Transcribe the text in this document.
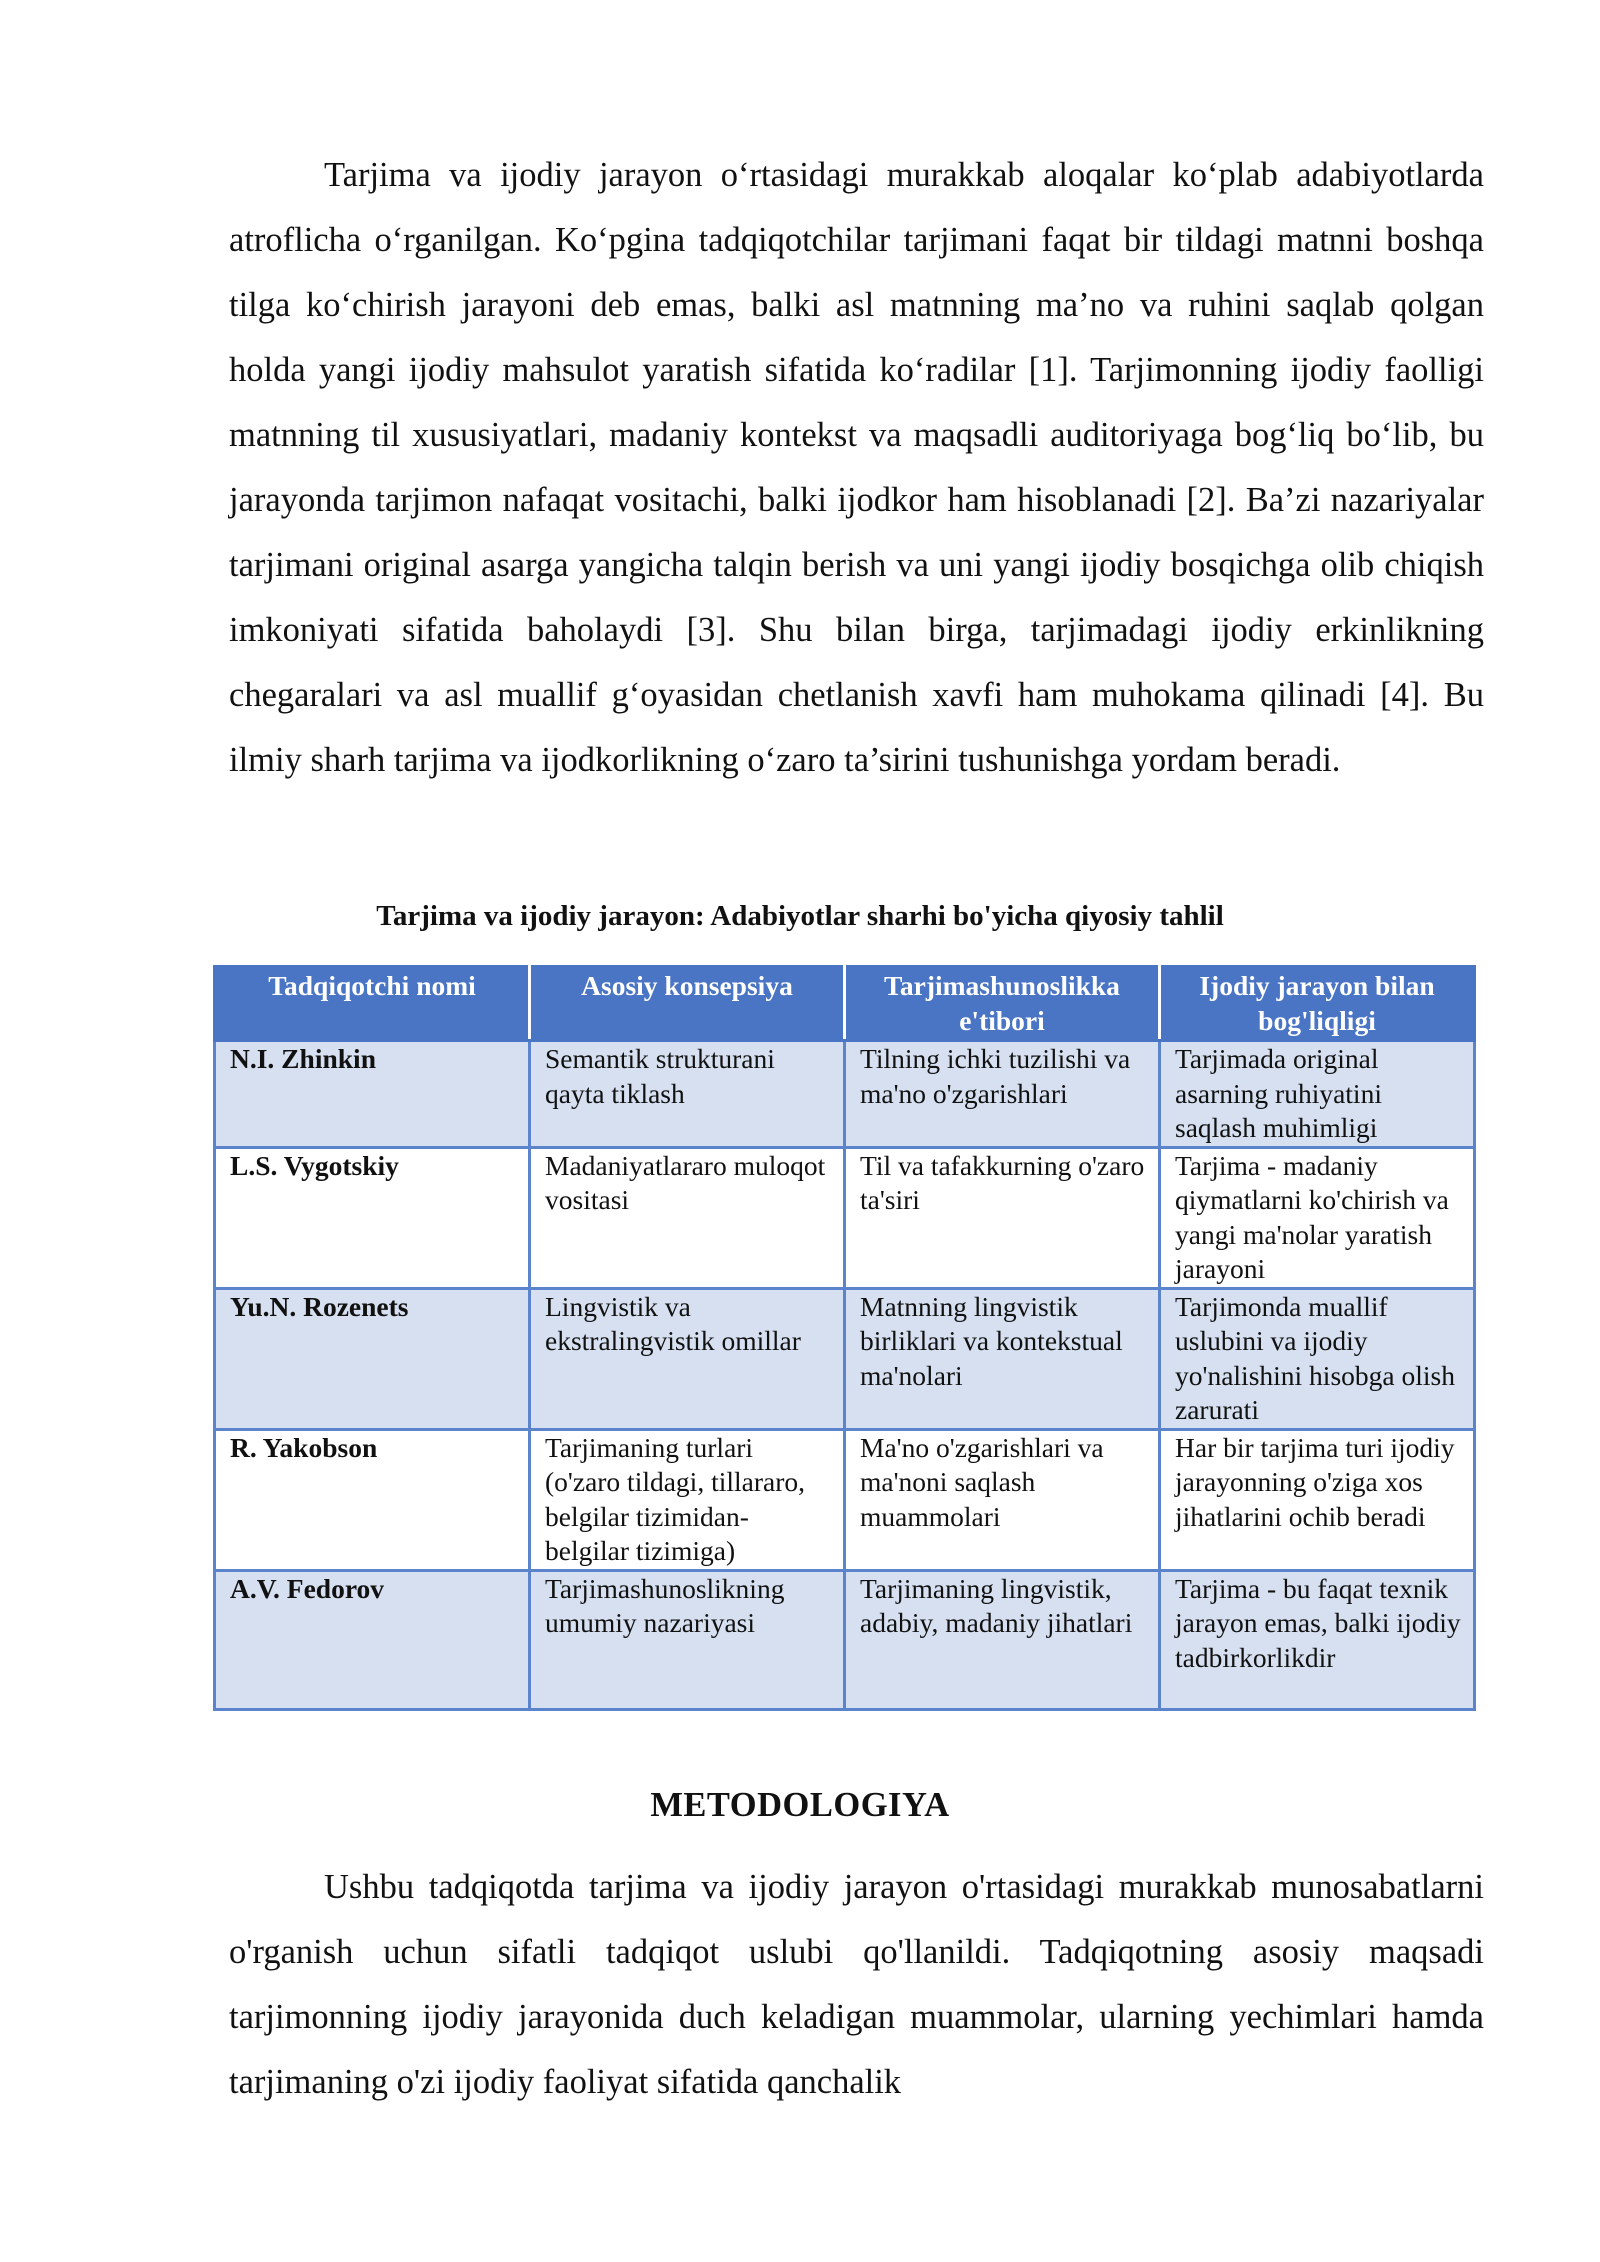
Tarjima va ijodiy jarayon o‘rtasidagi murakkab aloqalar ko‘plab adabiyotlarda atroflicha o‘rganilgan. Ko‘pgina tadqiqotchilar tarjimani faqat bir tildagi matnni boshqa tilga ko‘chirish jarayoni deb emas, balki asl matnning ma’no va ruhini saqlab qolgan holda yangi ijodiy mahsulot yaratish sifatida ko‘radilar [1]. Tarjimonning ijodiy faolligi matnning til xususiyatlari, madaniy kontekst va maqsadli auditoriyaga bog‘liq bo‘lib, bu jarayonda tarjimon nafaqat vositachi, balki ijodkor ham hisoblanadi [2]. Ba’zi nazariyalar tarjimani original asarga yangicha talqin berish va uni yangi ijodiy bosqichga olib chiqish imkoniyati sifatida baholaydi [3]. Shu bilan birga, tarjimadagi ijodiy erkinlikning chegaralari va asl muallif g‘oyasidan chetlanish xavfi ham muhokama qilinadi [4]. Bu ilmiy sharh tarjima va ijodkorlikning o‘zaro ta’sirini tushunishga yordam beradi.

Tarjima va ijodiy jarayon: Adabiyotlar sharhi bo'yicha qiyosiy tahlil

Tadqiqotchi nomi	Asosiy konsepsiya	Tarjimashunoslikka e'tibori	Ijodiy jarayon bilan bog'liqligi
N.I. Zhinkin	Semantik strukturani qayta tiklash	Tilning ichki tuzilishi va ma'no o'zgarishlari	Tarjimada original asarning ruhiyatini saqlash muhimligi
L.S. Vygotskiy	Madaniyatlararo muloqot vositasi	Til va tafakkurning o'zaro ta'siri	Tarjima - madaniy qiymatlarni ko'chirish va yangi ma'nolar yaratish jarayoni
Yu.N. Rozenets	Lingvistik va ekstralingvistik omillar	Matnning lingvistik birliklari va kontekstual ma'nolari	Tarjimonda muallif uslubini va ijodiy yo'nalishini hisobga olish zarurati
R. Yakobson	Tarjimaning turlari (o'zaro tildagi, tillararo, belgilar tizimidan-belgilar tizimiga)	Ma'no o'zgarishlari va ma'noni saqlash muammolari	Har bir tarjima turi ijodiy jarayonning o'ziga xos jihatlarini ochib beradi
A.V. Fedorov	Tarjimashunoslikning umumiy nazariyasi	Tarjimaning lingvistik, adabiy, madaniy jihatlari	Tarjima - bu faqat texnik jarayon emas, balki ijodiy tadbirkorlikdir
METODOLOGIYA

Ushbu tadqiqotda tarjima va ijodiy jarayon o'rtasidagi murakkab munosabatlarni o'rganish uchun sifatli tadqiqot uslubi qo'llanildi. Tadqiqotning asosiy maqsadi tarjimonning ijodiy jarayonida duch keladigan muammolar, ularning yechimlari hamda tarjimaning o'zi ijodiy faoliyat sifatida qanchalik
